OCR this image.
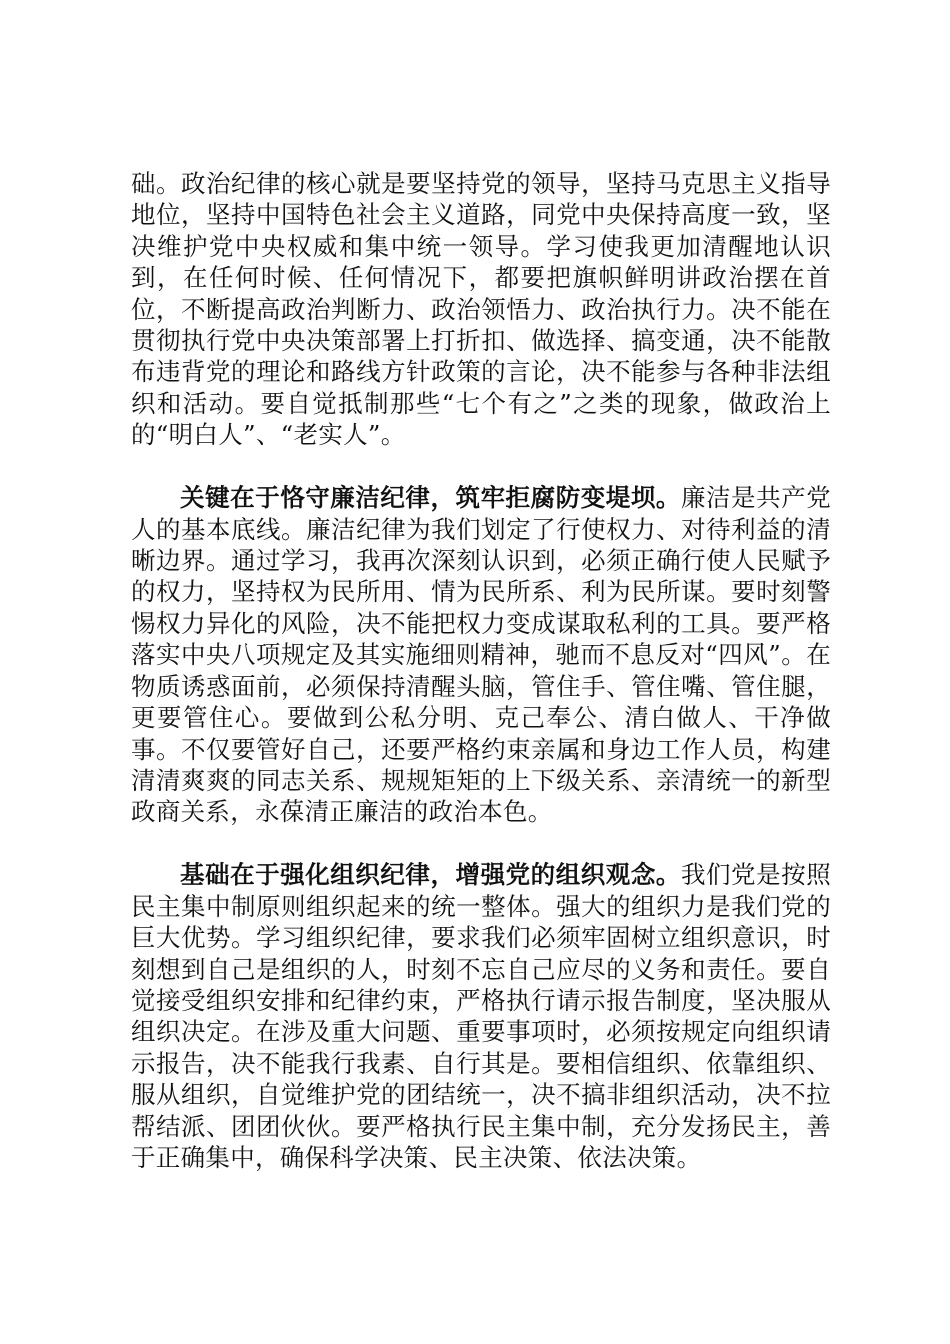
础。政治纪律的核心就是要坚持党的领导，坚持马克思主义指导地位，坚持中国特色社会主义道路，同党中央保持高度一致，坚决维护党中央权威和集中统一领导。学习使我更加清醒地认识到，在任何时候、任何情况下，都要把旗帜鲜明讲政治摆在首位，不断提高政治判断力、政治领悟力、政治执行力。决不能在贯彻执行党中央决策部署上打折扣、做选择、搞变通，决不能散布违背党的理论和路线方针政策的言论，决不能参与各种非法组织和活动。要自觉抵制那些“七个有之”之类的现象，做政治上的“明白人”、“老实人”。

关键在于恪守廉洁纪律，筑牢拒腐防变堤坝。廉洁是共产党人的基本底线。廉洁纪律为我们划定了行使权力、对待利益的清晰边界。通过学习，我再次深刻认识到，必须正确行使人民赋予的权力，坚持权为民所用、情为民所系、利为民所谋。要时刻警惕权力异化的风险，决不能把权力变成谋取私利的工具。要严格落实中央八项规定及其实施细则精神，驰而不息反对“四风”。在物质诱惑面前，必须保持清醒头脑，管住手、管住嘴、管住腿，更要管住心。要做到公私分明、克己奉公、清白做人、干净做事。不仅要管好自己，还要严格约束亲属和身边工作人员，构建清清爽爽的同志关系、规规矩矩的上下级关系、亲清统一的新型政商关系，永葆清正廉洁的政治本色。

基础在于强化组织纪律，增强党的组织观念。我们党是按照民主集中制原则组织起来的统一整体。强大的组织力是我们党的巨大优势。学习组织纪律，要求我们必须牢固树立组织意识，时刻想到自己是组织的人，时刻不忘自己应尽的义务和责任。要自觉接受组织安排和纪律约束，严格执行请示报告制度，坚决服从组织决定。在涉及重大问题、重要事项时，必须按规定向组织请示报告，决不能我行我素、自行其是。要相信组织、依靠组织、服从组织，自觉维护党的团结统一，决不搞非组织活动，决不拉帮结派、团团伙伙。要严格执行民主集中制，充分发扬民主，善于正确集中，确保科学决策、民主决策、依法决策。
